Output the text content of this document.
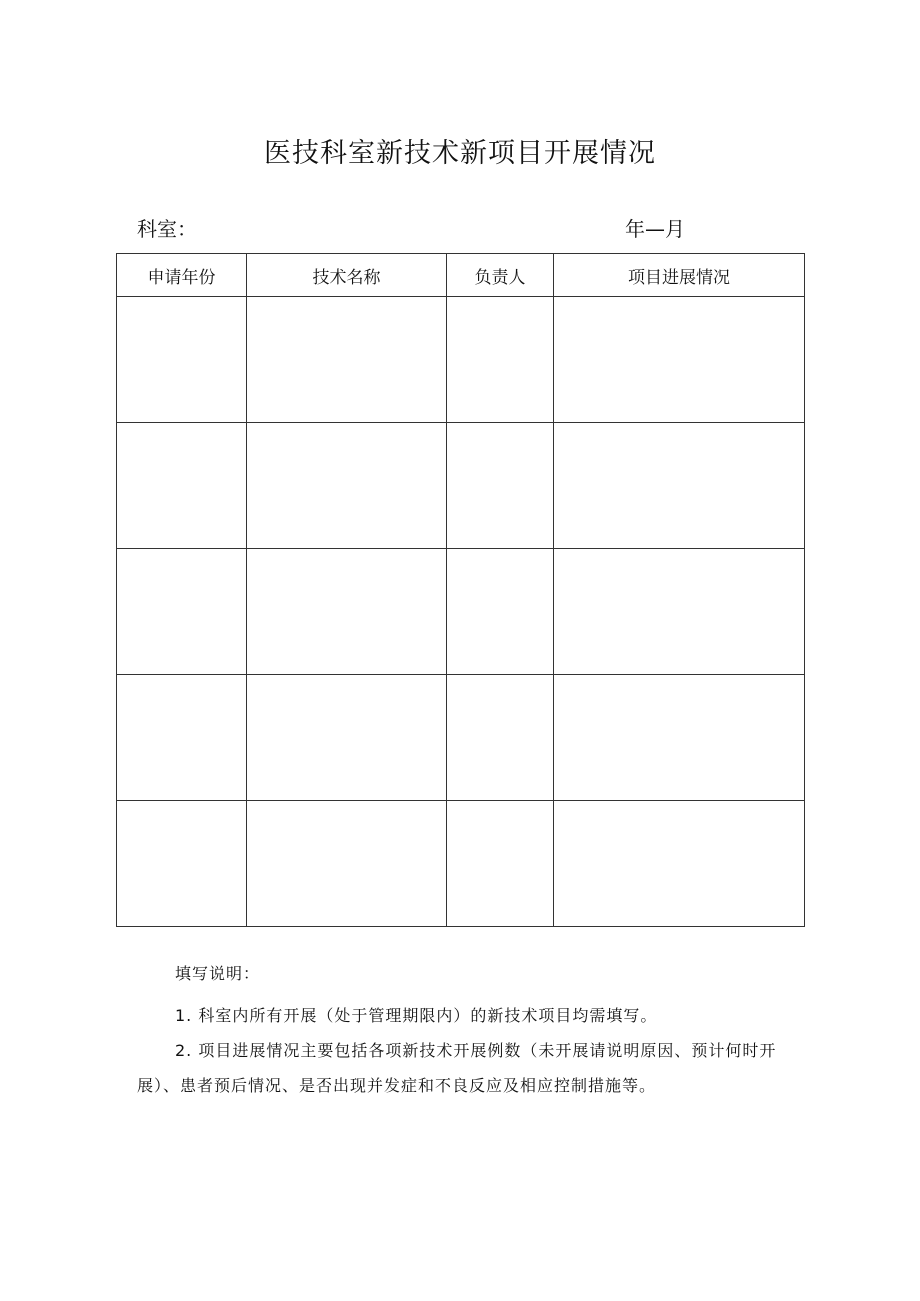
医技科室新技术新项目开展情况
科室：	年—月
申请年份	技术名称	负责人	项目进展情况

填写说明：

1. 科室内所有开展（处于管理期限内）的新技术项目均需填写。

2. 项目进展情况主要包括各项新技术开展例数（未开展请说明原因、预计何时开展）、患者预后情况、是否出现并发症和不良反应及相应控制措施等。
